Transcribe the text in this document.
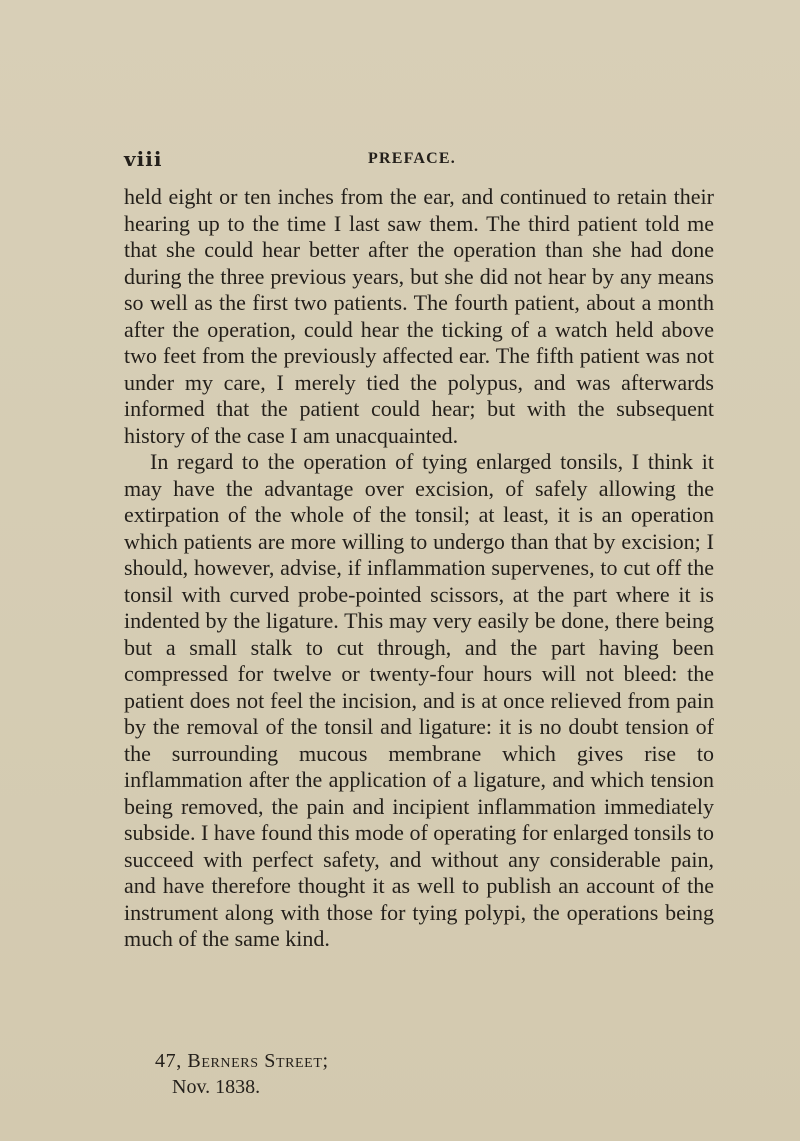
viii	PREFACE.

held eight or ten inches from the ear, and continued to retain their hearing up to the time I last saw them. The third patient told me that she could hear better after the operation than she had done during the three previous years, but she did not hear by any means so well as the first two patients. The fourth patient, about a month after the operation, could hear the ticking of a watch held above two feet from the previously affected ear. The fifth patient was not under my care, I merely tied the polypus, and was afterwards informed that the patient could hear; but with the subsequent history of the case I am unacquainted.

In regard to the operation of tying enlarged tonsils, I think it may have the advantage over excision, of safely allowing the extirpation of the whole of the tonsil; at least, it is an operation which patients are more willing to undergo than that by excision; I should, however, advise, if inflammation supervenes, to cut off the tonsil with curved probe-pointed scissors, at the part where it is indented by the ligature. This may very easily be done, there being but a small stalk to cut through, and the part having been compressed for twelve or twenty-four hours will not bleed: the patient does not feel the incision, and is at once relieved from pain by the removal of the tonsil and ligature: it is no doubt tension of the surrounding mucous membrane which gives rise to inflammation after the application of a ligature, and which tension being removed, the pain and incipient inflammation immediately subside. I have found this mode of operating for enlarged tonsils to succeed with perfect safety, and without any considerable pain, and have therefore thought it as well to publish an account of the instrument along with those for tying polypi, the operations being much of the same kind.

47, Berners Street;
Nov. 1838.
